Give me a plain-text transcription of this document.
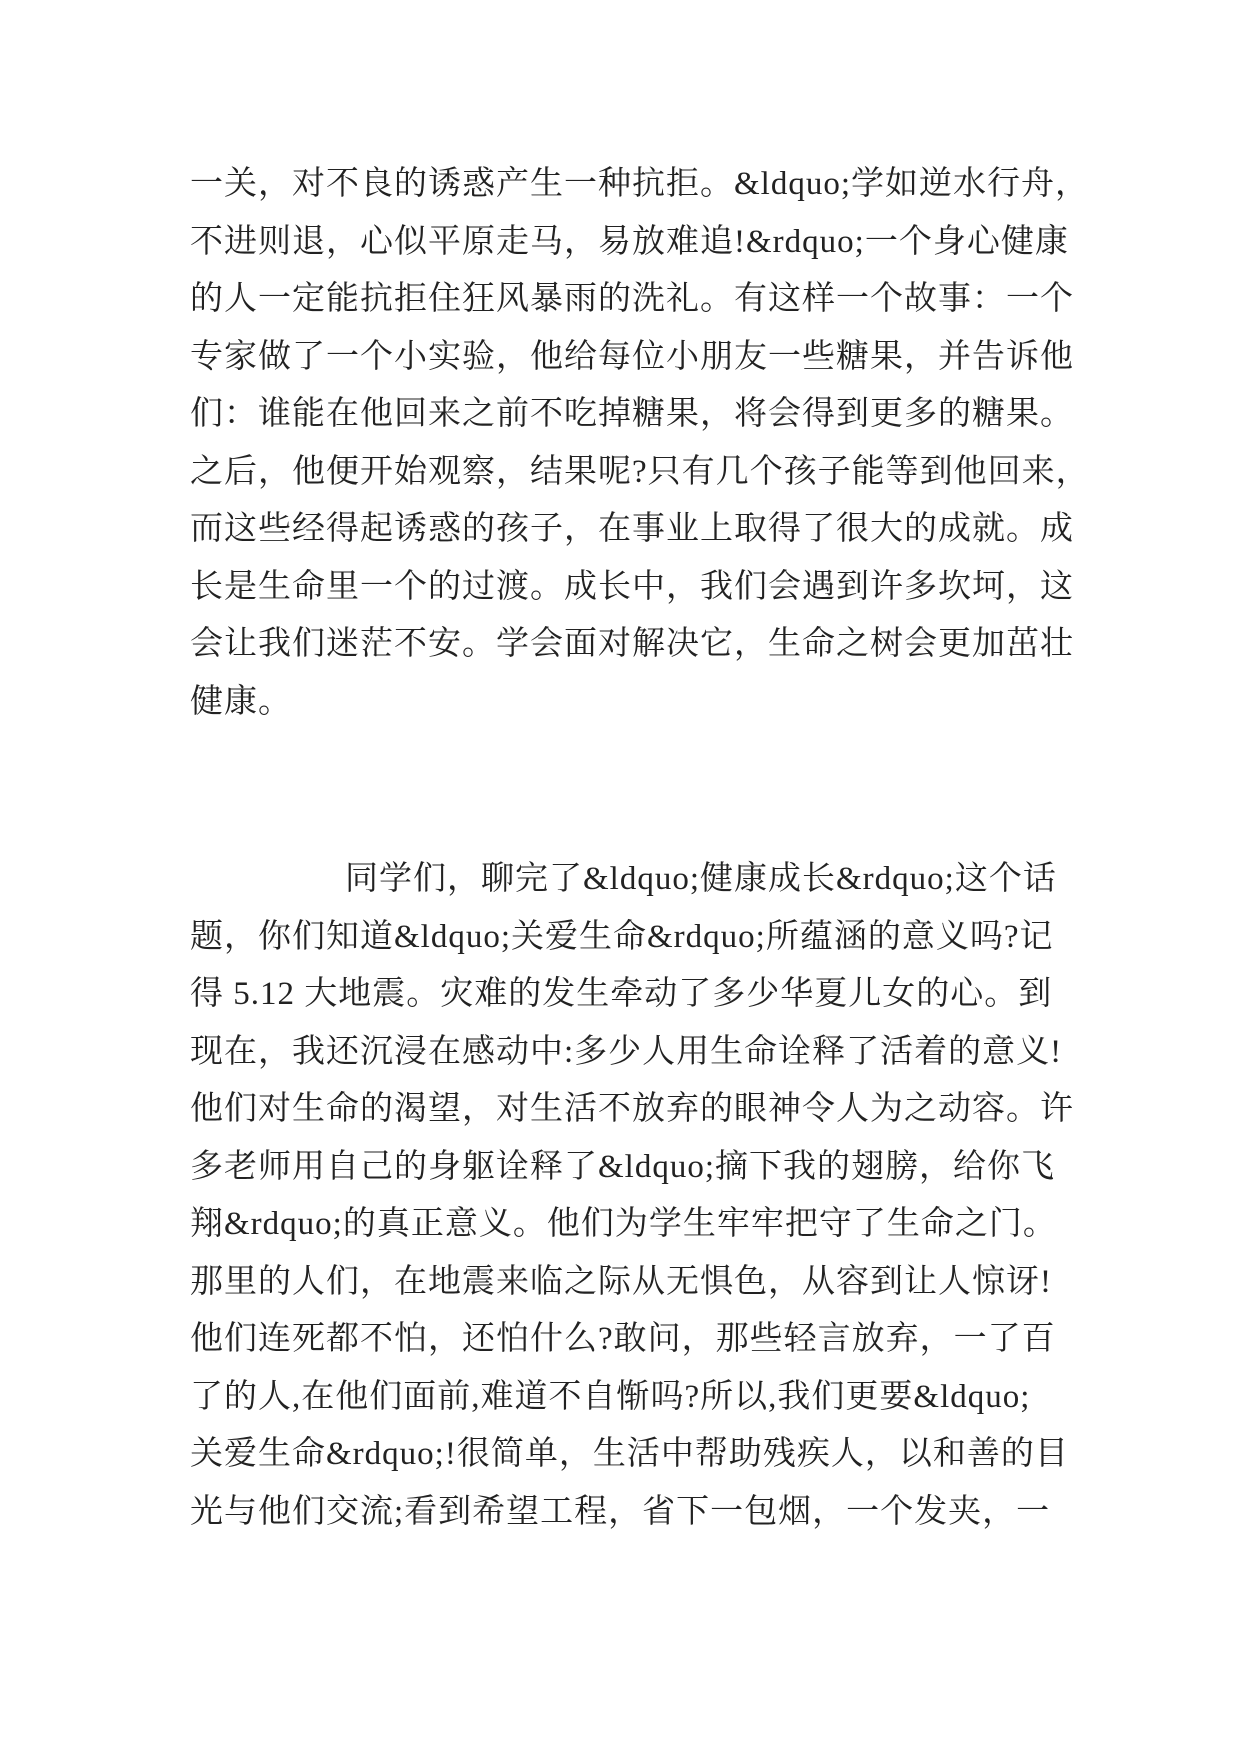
一关，对不良的诱惑产生一种抗拒。&ldquo;学如逆水行舟，
不进则退，心似平原走马，易放难追!&rdquo;一个身心健康
的人一定能抗拒住狂风暴雨的洗礼。有这样一个故事：一个
专家做了一个小实验，他给每位小朋友一些糖果，并告诉他
们：谁能在他回来之前不吃掉糖果，将会得到更多的糖果。
之后，他便开始观察，结果呢?只有几个孩子能等到他回来，
而这些经得起诱惑的孩子，在事业上取得了很大的成就。成
长是生命里一个的过渡。成长中，我们会遇到许多坎坷，这
会让我们迷茫不安。学会面对解决它，生命之树会更加茁壮
健康。

同学们，聊完了&ldquo;健康成长&rdquo;这个话
题，你们知道&ldquo;关爱生命&rdquo;所蕴涵的意义吗?记
得 5.12 大地震。灾难的发生牵动了多少华夏儿女的心。到
现在，我还沉浸在感动中:多少人用生命诠释了活着的意义!
他们对生命的渴望，对生活不放弃的眼神令人为之动容。许
多老师用自己的身躯诠释了&ldquo;摘下我的翅膀，给你飞
翔&rdquo;的真正意义。他们为学生牢牢把守了生命之门。
那里的人们，在地震来临之际从无惧色，从容到让人惊讶!
他们连死都不怕，还怕什么?敢问，那些轻言放弃，一了百
了的人,在他们面前,难道不自惭吗?所以,我们更要&ldquo;
关爱生命&rdquo;!很简单，生活中帮助残疾人，以和善的目
光与他们交流;看到希望工程，省下一包烟，一个发夹，一
